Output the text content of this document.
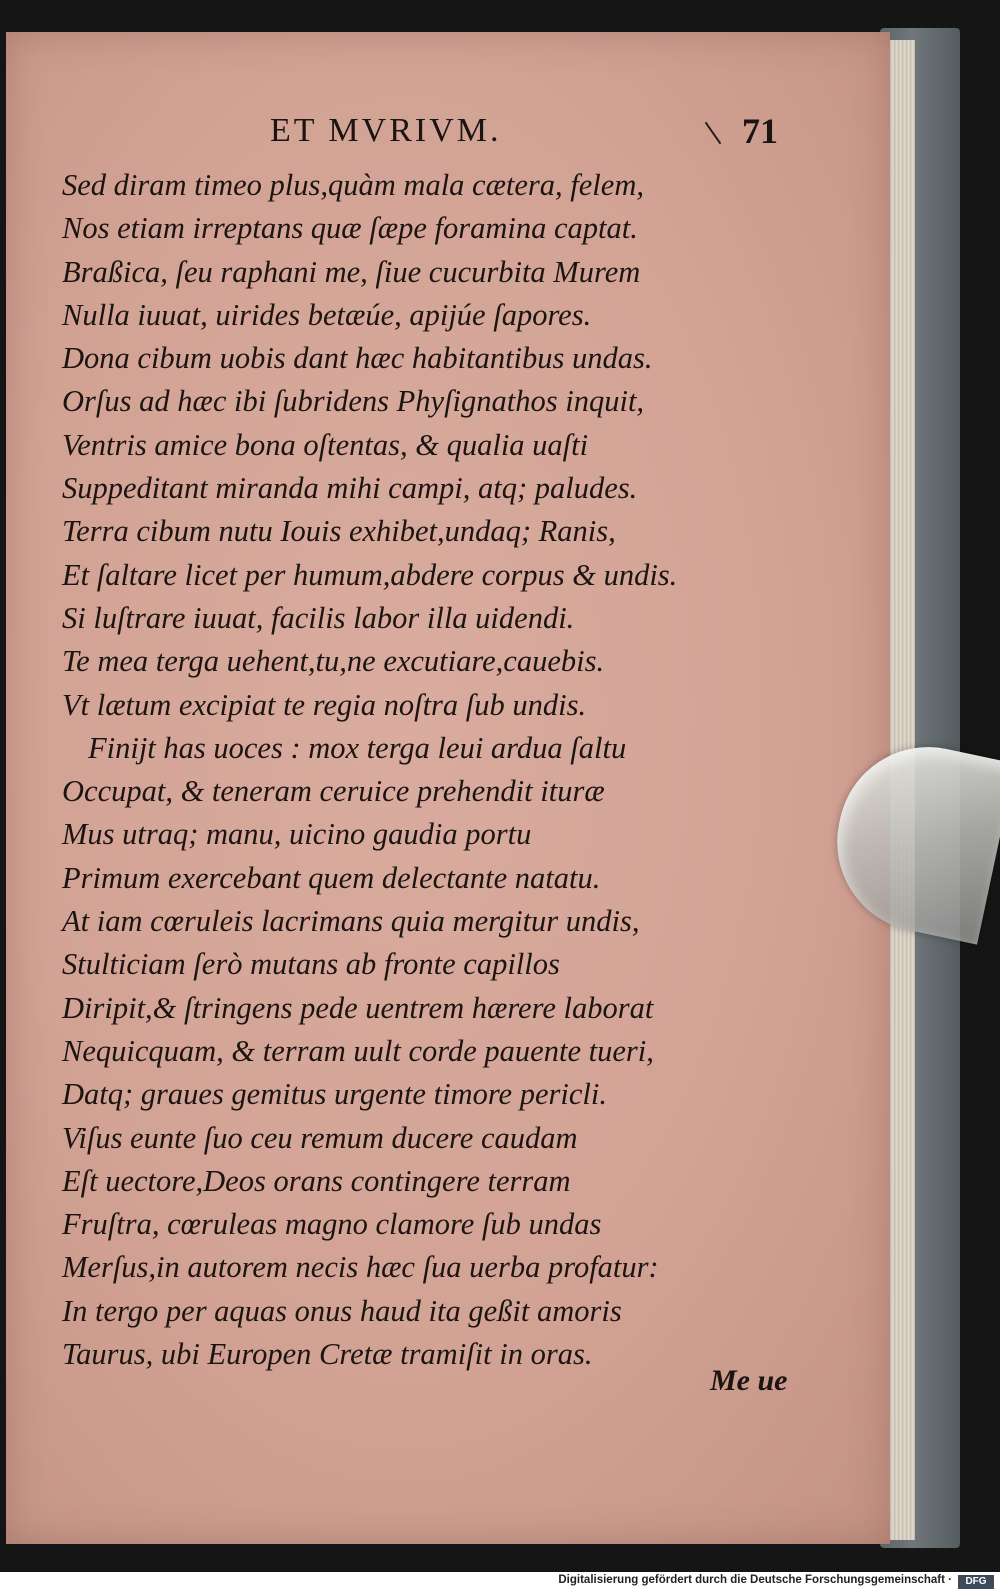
ET MVRIVM.	71
Sed diram timeo plus,quàm mala cætera, felem,
Nos etiam irreptans quæ ſæpe foramina captat.
Braßica, ſeu raphani me, ſiue cucurbita Murem
Nulla iuuat, uirides betæúe, apijúe ſapores.
Dona cibum uobis dant hæc habitantibus undas.
Orſus ad hæc ibi ſubridens Phyſignathos inquit,
Ventris amice bona oſtentas, & qualia uaſti
Suppeditant miranda mihi campi, atq; paludes.
Terra cibum nutu Iouis exhibet,undaq; Ranis,
Et ſaltare licet per humum,abdere corpus & undis.
Si luſtrare iuuat, facilis labor illa uidendi.
Te mea terga uehent,tu,ne excutiare,cauebis.
Vt lætum excipiat te regia noſtra ſub undis.
Finijt has uoces : mox terga leui ardua ſaltu
Occupat, & teneram ceruice prehendit ituræ
Mus utraq; manu, uicino gaudia portu
Primum exercebant quem delectante natatu.
At iam cœruleis lacrimans quia mergitur undis,
Stulticiam ſerò mutans ab fronte capillos
Diripit,& ſtringens pede uentrem hærere laborat
Nequicquam, & terram uult corde pauente tueri,
Datq; graues gemitus urgente timore pericli.
Viſus eunte ſuo ceu remum ducere caudam
Eſt uectore,Deos orans contingere terram
Fruſtra, cœruleas magno clamore ſub undas
Merſus,in autorem necis hæc ſua uerba profatur:
In tergo per aquas onus haud ita geßit amoris
Taurus, ubi Europen Cretæ tramiſit in oras.
Me ue
Digitalisierung gefördert durch die Deutsche Forschungsgemeinschaft ·	DFG
